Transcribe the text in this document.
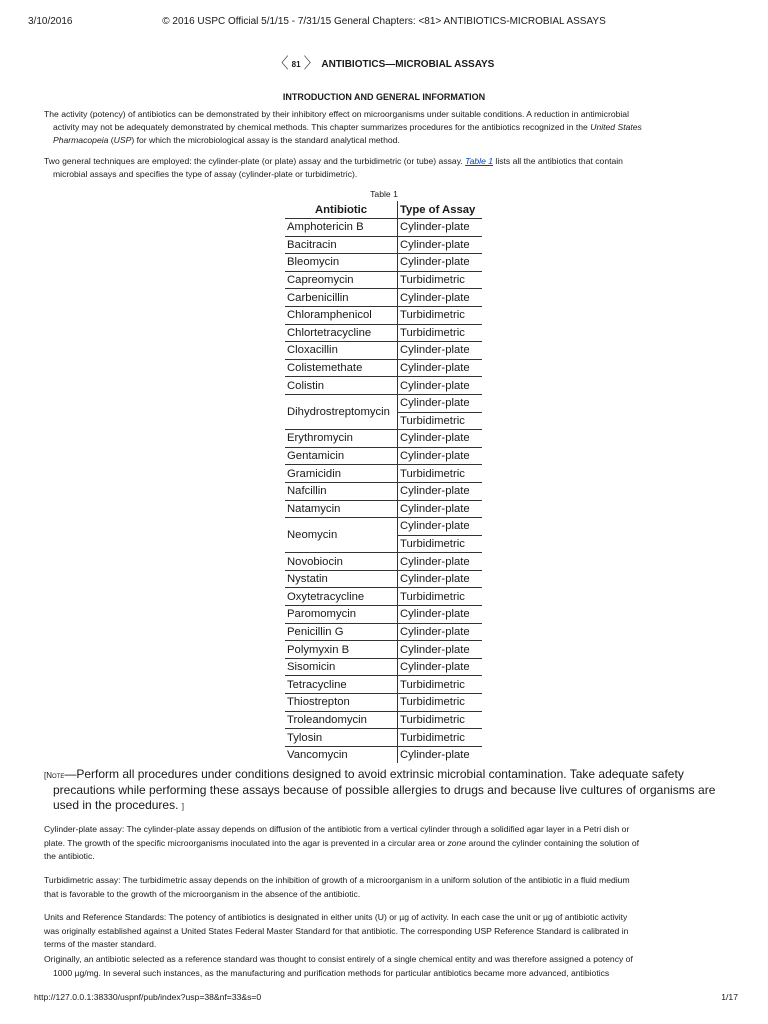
3/10/2016	© 2016 USPC Official 5/1/15 - 7/31/15 General Chapters: <81> ANTIBIOTICS-MICROBIAL ASSAYS
〈 81 〉 ANTIBIOTICS—MICROBIAL ASSAYS
INTRODUCTION AND GENERAL INFORMATION
The activity (potency) of antibiotics can be demonstrated by their inhibitory effect on microorganisms under suitable conditions. A reduction in antimicrobial
activity may not be adequately demonstrated by chemical methods. This chapter summarizes procedures for the antibiotics recognized in the United States
Pharmacopeia (USP) for which the microbiological assay is the standard analytical method.
Two general techniques are employed: the cylinder-plate (or plate) assay and the turbidimetric (or tube) assay. Table 1 lists all the antibiotics that contain
microbial assays and specifies the type of assay (cylinder-plate or turbidimetric).
Table 1
Antibiotic	Type of Assay
Amphotericin B	Cylinder-plate
Bacitracin	Cylinder-plate
Bleomycin	Cylinder-plate
Capreomycin	Turbidimetric
Carbenicillin	Cylinder-plate
Chloramphenicol	Turbidimetric
Chlortetracycline	Turbidimetric
Cloxacillin	Cylinder-plate
Colistemethate	Cylinder-plate
Colistin	Cylinder-plate
Dihydrostreptomycin	Cylinder-plate
	Turbidimetric
Erythromycin	Cylinder-plate
Gentamicin	Cylinder-plate
Gramicidin	Turbidimetric
Nafcillin	Cylinder-plate
Natamycin	Cylinder-plate
Neomycin	Cylinder-plate
	Turbidimetric
Novobiocin	Cylinder-plate
Nystatin	Cylinder-plate
Oxytetracycline	Turbidimetric
Paromomycin	Cylinder-plate
Penicillin G	Cylinder-plate
Polymyxin B	Cylinder-plate
Sisomicin	Cylinder-plate
Tetracycline	Turbidimetric
Thiostrepton	Turbidimetric
Troleandomycin	Turbidimetric
Tylosin	Turbidimetric
Vancomycin	Cylinder-plate
[Note—Perform all procedures under conditions designed to avoid extrinsic microbial contamination. Take adequate safety
precautions while performing these assays because of possible allergies to drugs and because live cultures of organisms are
used in the procedures. ]
Cylinder-plate assay: The cylinder-plate assay depends on diffusion of the antibiotic from a vertical cylinder through a solidified agar layer in a Petri dish or
plate. The growth of the specific microorganisms inoculated into the agar is prevented in a circular area or zone around the cylinder containing the solution of
the antibiotic.
Turbidimetric assay: The turbidimetric assay depends on the inhibition of growth of a microorganism in a uniform solution of the antibiotic in a fluid medium
that is favorable to the growth of the microorganism in the absence of the antibiotic.
Units and Reference Standards: The potency of antibiotics is designated in either units (U) or µg of activity. In each case the unit or µg of antibiotic activity
was originally established against a United States Federal Master Standard for that antibiotic. The corresponding USP Reference Standard is calibrated in
terms of the master standard.
Originally, an antibiotic selected as a reference standard was thought to consist entirely of a single chemical entity and was therefore assigned a potency of
1000 µg/mg. In several such instances, as the manufacturing and purification methods for particular antibiotics became more advanced, antibiotics
http://127.0.0.1:38330/uspnf/pub/index?usp=38&nf=33&s=0	1/17
